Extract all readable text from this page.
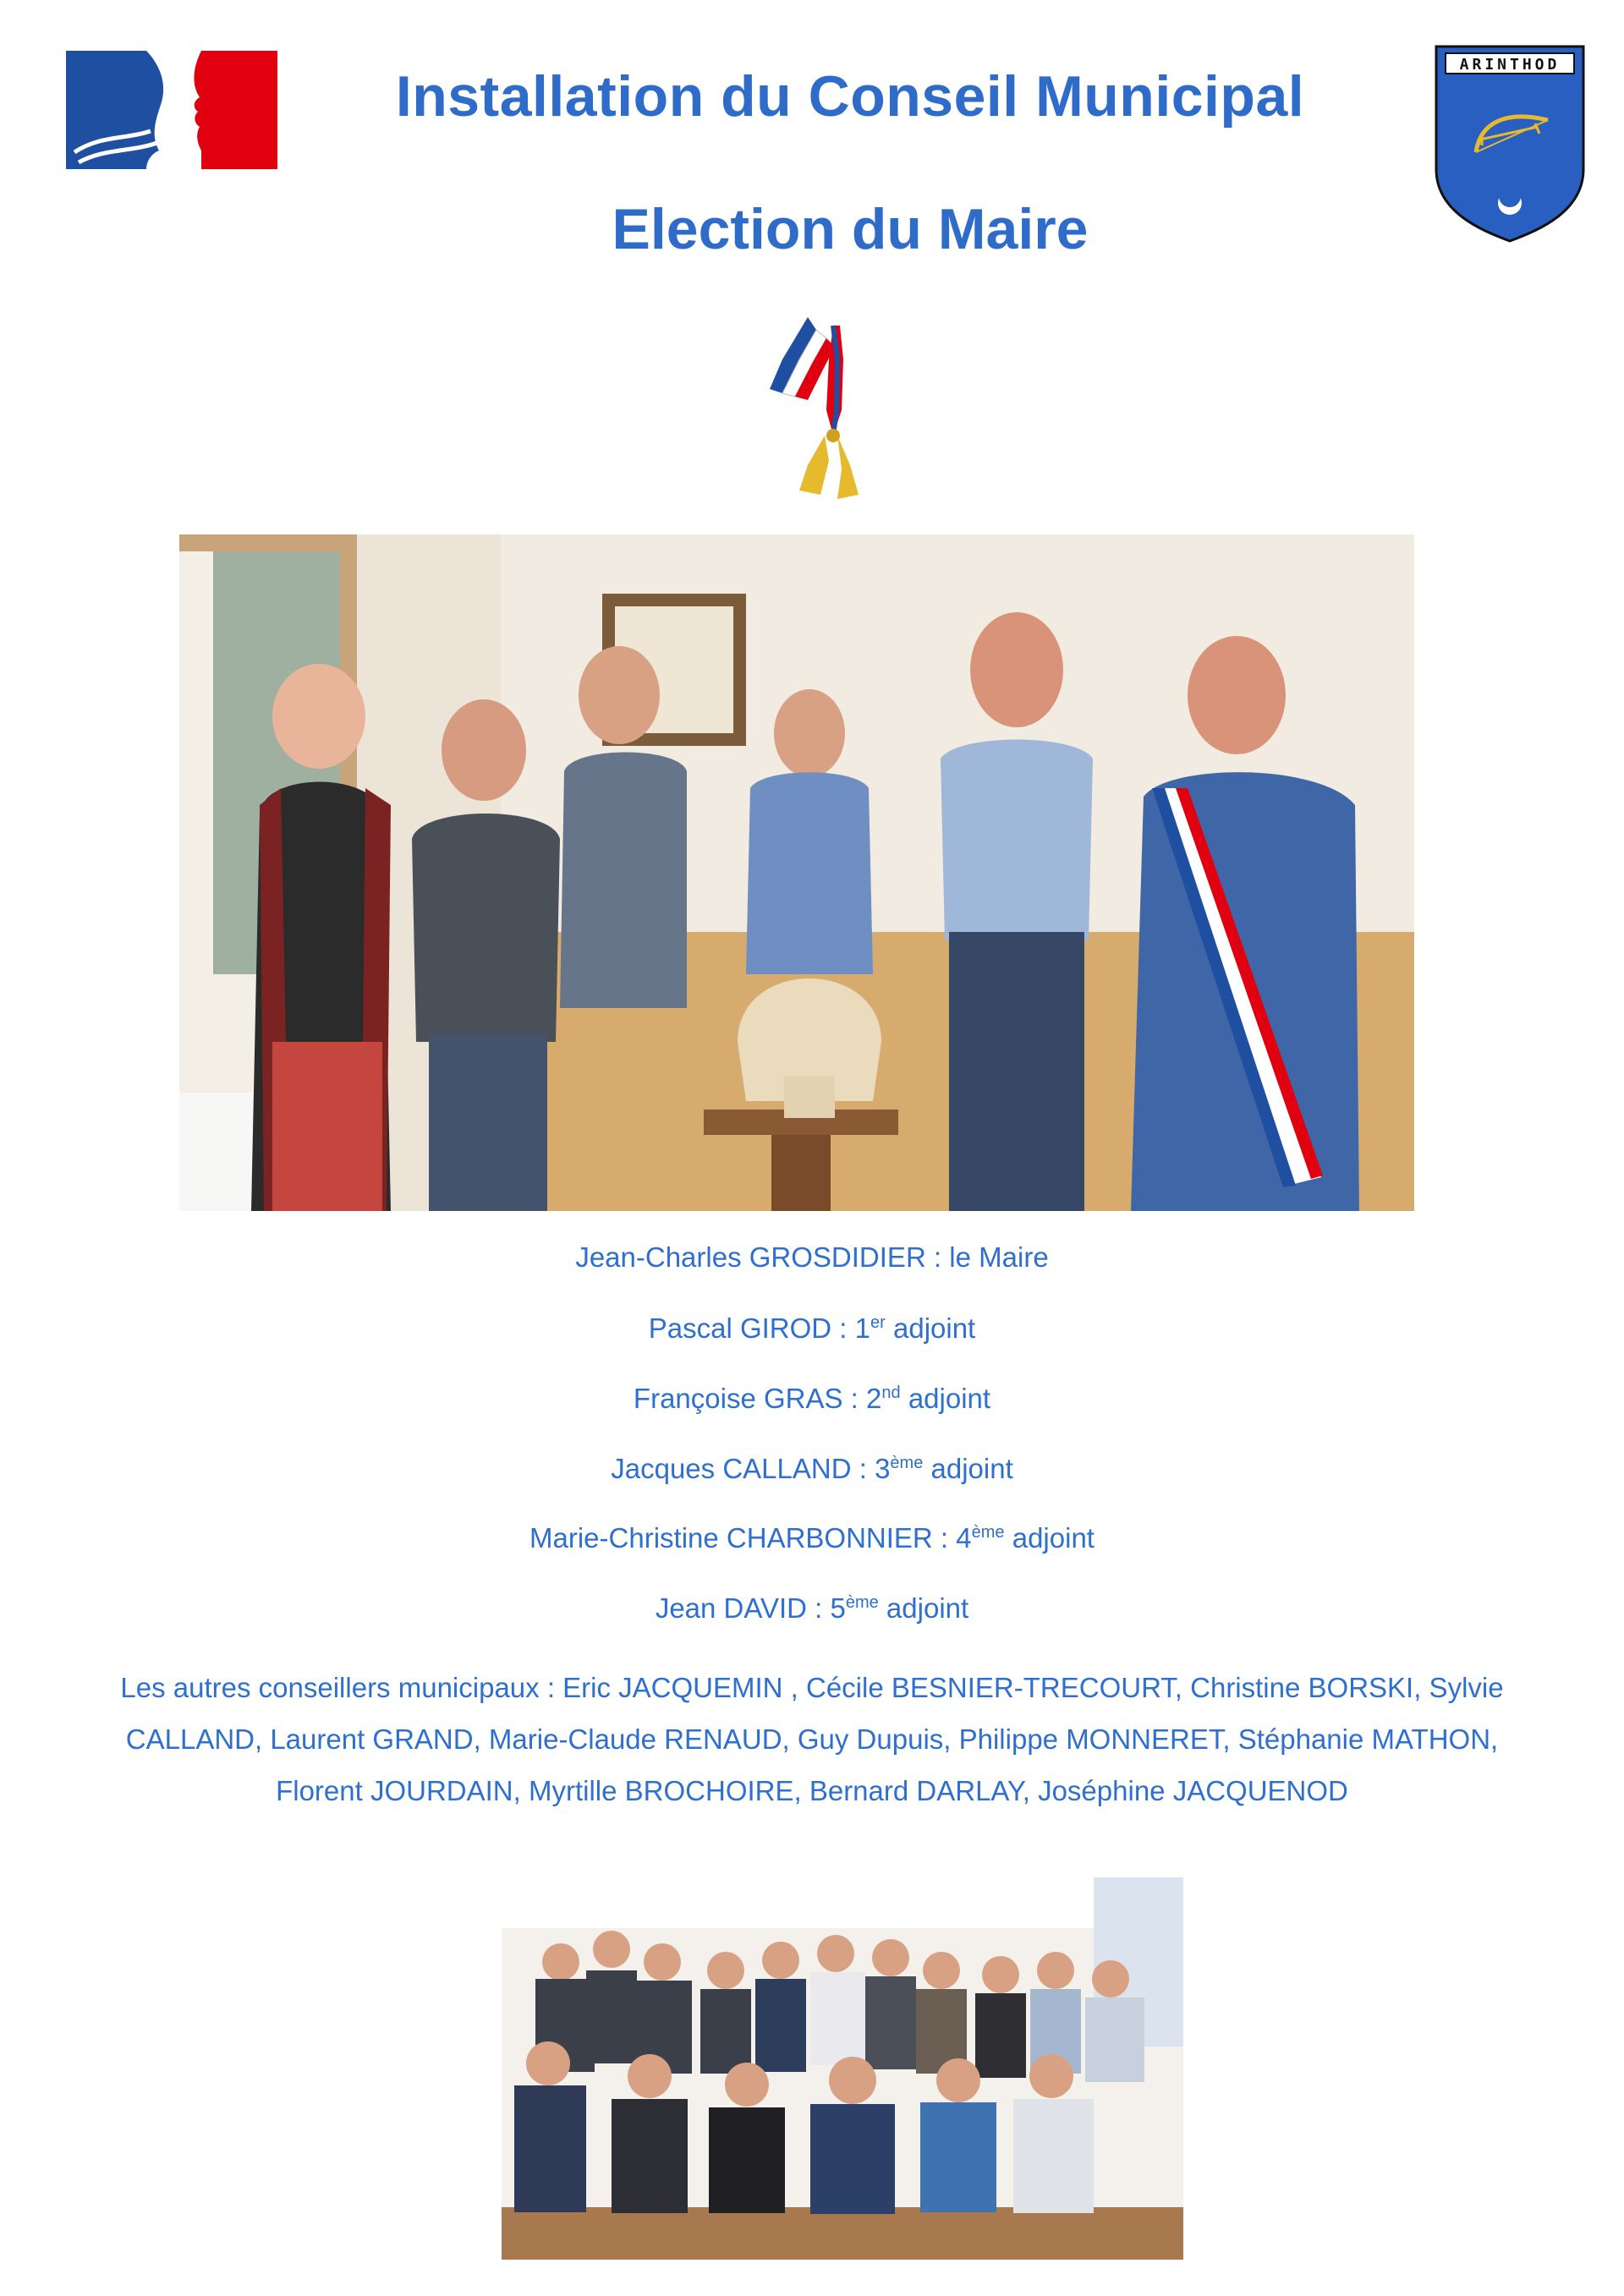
Installation du Conseil Municipal
Election du Maire
ARINTHOD
Jean-Charles GROSDIDIER : le Maire
Pascal GIROD : 1er adjoint
Françoise GRAS : 2nd adjoint
Jacques CALLAND : 3ème adjoint
Marie-Christine CHARBONNIER : 4ème adjoint
Jean DAVID : 5ème adjoint
Les autres conseillers municipaux : Eric JACQUEMIN , Cécile BESNIER-TRECOURT, Christine BORSKI, Sylvie
CALLAND, Laurent GRAND, Marie-Claude RENAUD, Guy Dupuis, Philippe MONNERET, Stéphanie MATHON,
Florent JOURDAIN, Myrtille BROCHOIRE, Bernard DARLAY, Joséphine JACQUENOD
